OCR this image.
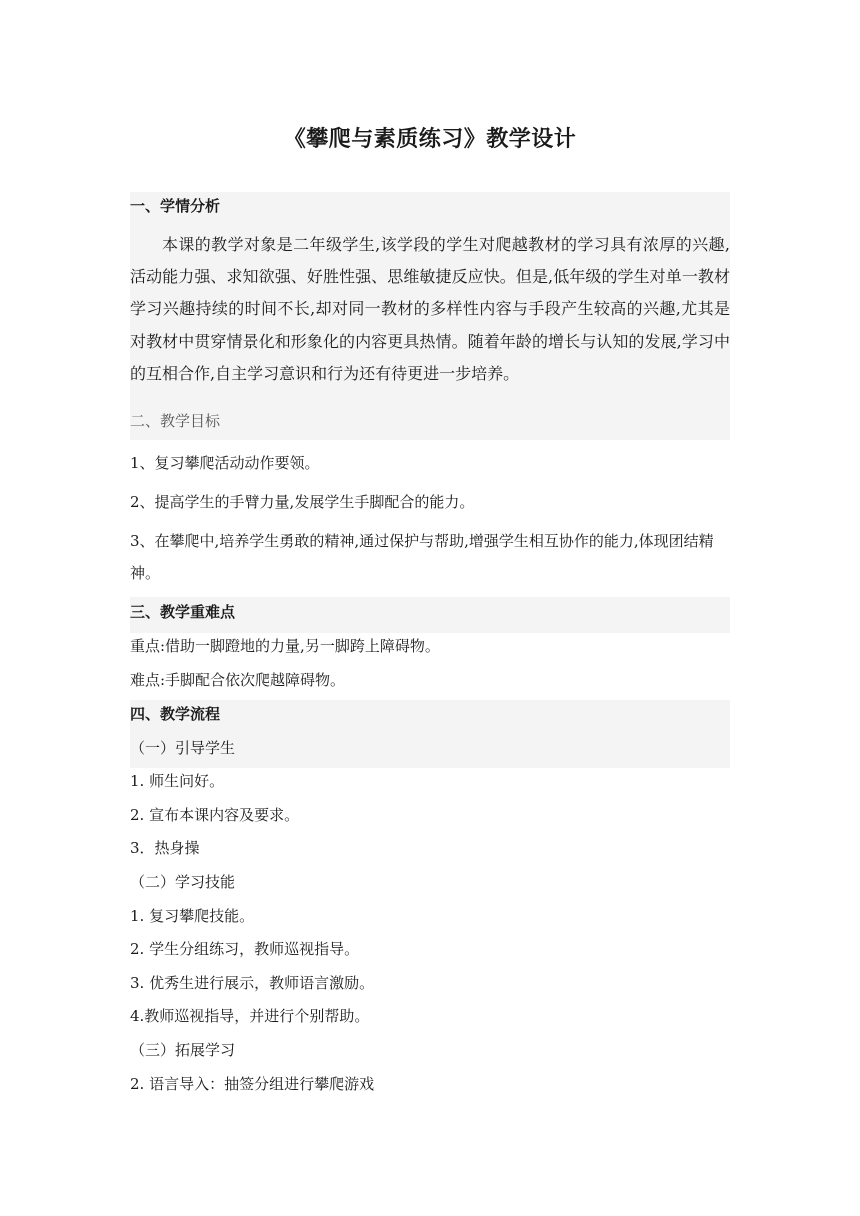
《攀爬与素质练习》教学设计

一、学情分析

本课的教学对象是二年级学生,该学段的学生对爬越教材的学习具有浓厚的兴趣,活动能力强、求知欲强、好胜性强、思维敏捷反应快。但是,低年级的学生对单一教材学习兴趣持续的时间不长,却对同一教材的多样性内容与手段产生较高的兴趣,尤其是对教材中贯穿情景化和形象化的内容更具热情。随着年龄的增长与认知的发展,学习中的互相合作,自主学习意识和行为还有待更进一步培养。

二、教学目标

1、复习攀爬活动动作要领。

2、提高学生的手臂力量,发展学生手脚配合的能力。

3、在攀爬中,培养学生勇敢的精神,通过保护与帮助,增强学生相互协作的能力,体现团结精神。

三、教学重难点

重点:借助一脚蹬地的力量,另一脚跨上障碍物。

难点:手脚配合依次爬越障碍物。

四、教学流程

（一）引导学生

1. 师生问好。

2. 宣布本课内容及要求。

3．热身操

（二）学习技能

1. 复习攀爬技能。

2. 学生分组练习，教师巡视指导。

3. 优秀生进行展示，教师语言激励。

4.教师巡视指导，并进行个别帮助。

（三）拓展学习

2. 语言导入：抽签分组进行攀爬游戏
